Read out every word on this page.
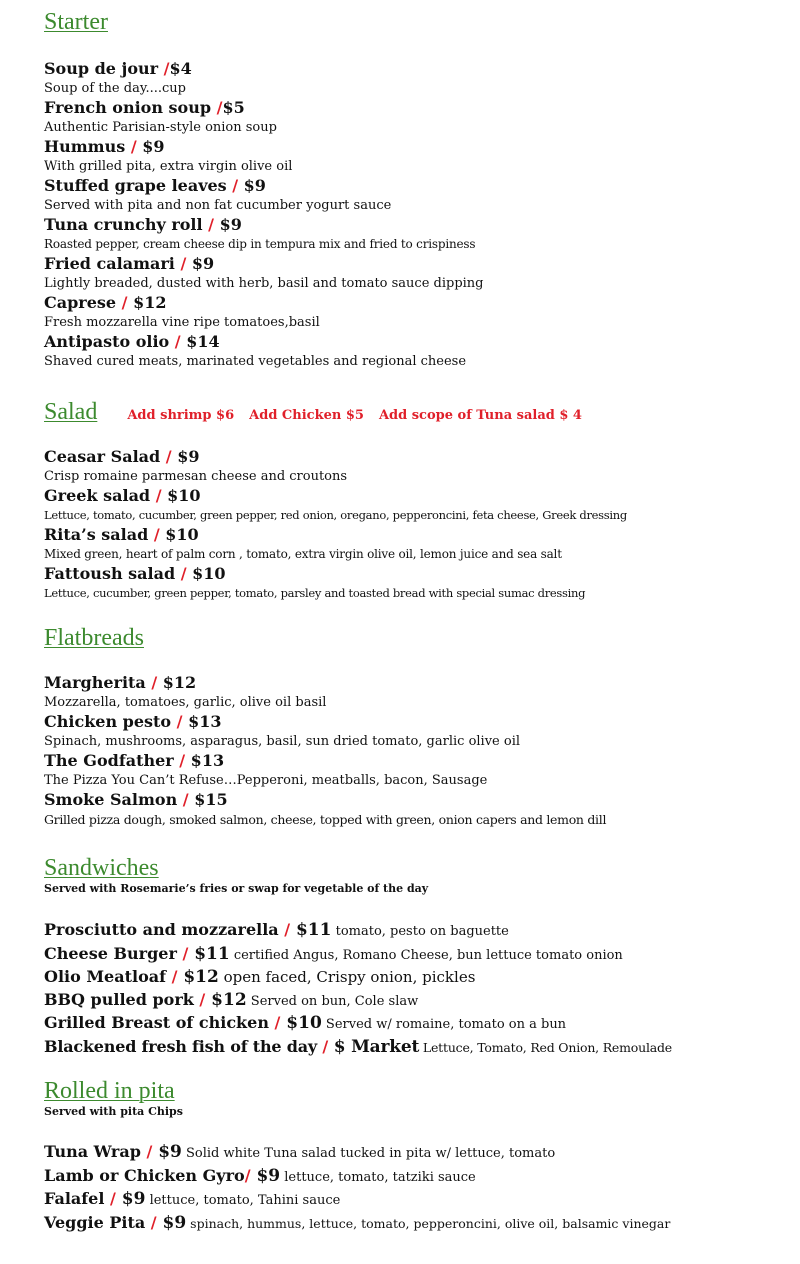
Starter
Soup de jour /$4
Soup of the day....cup
French onion soup /$5
Authentic Parisian-style onion soup
Hummus / $9
With grilled pita, extra virgin olive oil
Stuffed grape leaves / $9
Served with pita and non fat cucumber yogurt sauce
Tuna crunchy roll / $9
Roasted pepper, cream cheese dip in tempura mix and fried to crispiness
Fried calamari / $9
Lightly breaded, dusted with herb, basil and tomato sauce dipping
Caprese / $12
Fresh mozzarella vine ripe tomatoes,basil
Antipasto olio / $14
Shaved cured meats, marinated vegetables and regional cheese
Salad Add shrimp $6 Add Chicken $5 Add scope of Tuna salad $ 4
Ceasar Salad / $9
Crisp romaine parmesan cheese and croutons
Greek salad / $10
Lettuce, tomato, cucumber, green pepper, red onion, oregano, pepperoncini, feta cheese, Greek dressing
Rita’s salad / $10
Mixed green, heart of palm corn , tomato, extra virgin olive oil, lemon juice and sea salt
Fattoush salad / $10
Lettuce, cucumber, green pepper, tomato, parsley and toasted bread with special sumac dressing
Flatbreads
Margherita / $12
Mozzarella, tomatoes, garlic, olive oil basil
Chicken pesto / $13
Spinach, mushrooms, asparagus, basil, sun dried tomato, garlic olive oil
The Godfather / $13
The Pizza You Can’t Refuse…Pepperoni, meatballs, bacon, Sausage
Smoke Salmon / $15
Grilled pizza dough, smoked salmon, cheese, topped with green, onion capers and lemon dill
Sandwiches
Served with Rosemarie’s fries or swap for vegetable of the day
Prosciutto and mozzarella / $11 tomato, pesto on baguette
Cheese Burger / $11 certified Angus, Romano Cheese, bun lettuce tomato onion
Olio Meatloaf / $12 open faced, Crispy onion, pickles
BBQ pulled pork / $12 Served on bun, Cole slaw
Grilled Breast of chicken / $10 Served w/ romaine, tomato on a bun
Blackened fresh fish of the day / $ Market Lettuce, Tomato, Red Onion, Remoulade
Rolled in pita
Served with pita Chips
Tuna Wrap / $9 Solid white Tuna salad tucked in pita w/ lettuce, tomato
Lamb or Chicken Gyro/ $9 lettuce, tomato, tatziki sauce
Falafel / $9 lettuce, tomato, Tahini sauce
Veggie Pita / $9 spinach, hummus, lettuce, tomato, pepperoncini, olive oil, balsamic vinegar
